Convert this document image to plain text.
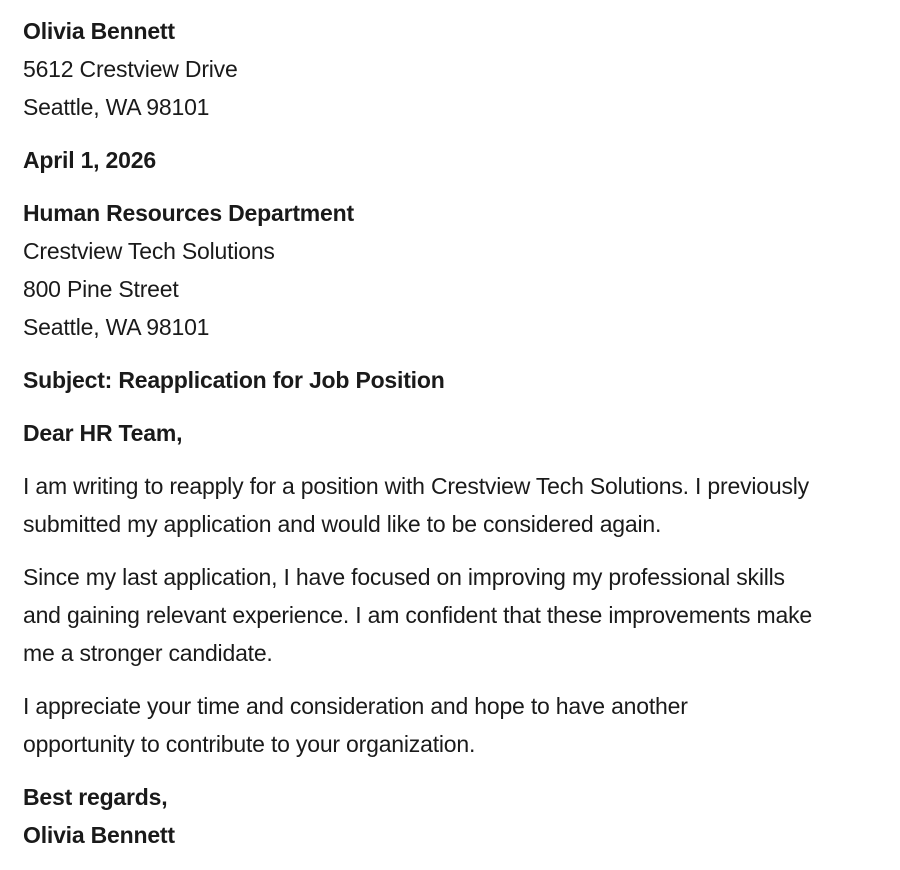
Olivia Bennett
5612 Crestview Drive
Seattle, WA 98101
April 1, 2026
Human Resources Department
Crestview Tech Solutions
800 Pine Street
Seattle, WA 98101
Subject: Reapplication for Job Position
Dear HR Team,
I am writing to reapply for a position with Crestview Tech Solutions. I previously
submitted my application and would like to be considered again.
Since my last application, I have focused on improving my professional skills
and gaining relevant experience. I am confident that these improvements make
me a stronger candidate.
I appreciate your time and consideration and hope to have another
opportunity to contribute to your organization.
Best regards,
Olivia Bennett
